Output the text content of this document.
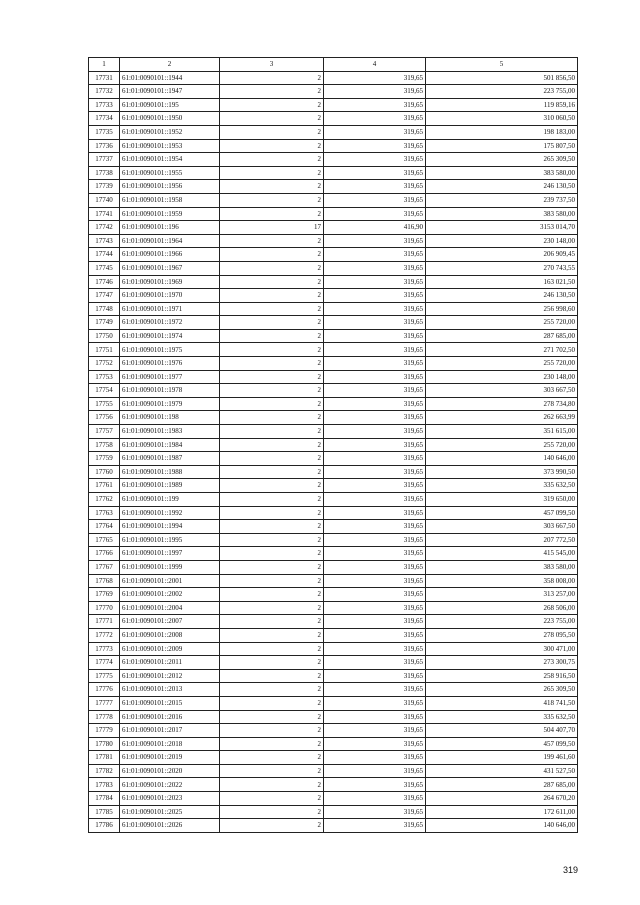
1	2	3	4	5
17731	61:01:0090101::1944	2	319,65	501 856,50
17732	61:01:0090101::1947	2	319,65	223 755,00
17733	61:01:0090101::195	2	319,65	119 859,16
17734	61:01:0090101::1950	2	319,65	310 060,50
17735	61:01:0090101::1952	2	319,65	198 183,00
17736	61:01:0090101::1953	2	319,65	175 807,50
17737	61:01:0090101::1954	2	319,65	265 309,50
17738	61:01:0090101::1955	2	319,65	383 580,00
17739	61:01:0090101::1956	2	319,65	246 130,50
17740	61:01:0090101::1958	2	319,65	239 737,50
17741	61:01:0090101::1959	2	319,65	383 580,00
17742	61:01:0090101::196	17	416,90	3153 014,70
17743	61:01:0090101::1964	2	319,65	230 148,00
17744	61:01:0090101::1966	2	319,65	206 909,45
17745	61:01:0090101::1967	2	319,65	270 743,55
17746	61:01:0090101::1969	2	319,65	163 021,50
17747	61:01:0090101::1970	2	319,65	246 130,50
17748	61:01:0090101::1971	2	319,65	256 998,60
17749	61:01:0090101::1972	2	319,65	255 720,00
17750	61:01:0090101::1974	2	319,65	287 685,00
17751	61:01:0090101::1975	2	319,65	271 702,50
17752	61:01:0090101::1976	2	319,65	255 720,00
17753	61:01:0090101::1977	2	319,65	230 148,00
17754	61:01:0090101::1978	2	319,65	303 667,50
17755	61:01:0090101::1979	2	319,65	278 734,80
17756	61:01:0090101::198	2	319,65	262 663,99
17757	61:01:0090101::1983	2	319,65	351 615,00
17758	61:01:0090101::1984	2	319,65	255 720,00
17759	61:01:0090101::1987	2	319,65	140 646,00
17760	61:01:0090101::1988	2	319,65	373 990,50
17761	61:01:0090101::1989	2	319,65	335 632,50
17762	61:01:0090101::199	2	319,65	319 650,00
17763	61:01:0090101::1992	2	319,65	457 099,50
17764	61:01:0090101::1994	2	319,65	303 667,50
17765	61:01:0090101::1995	2	319,65	207 772,50
17766	61:01:0090101::1997	2	319,65	415 545,00
17767	61:01:0090101::1999	2	319,65	383 580,00
17768	61:01:0090101::2001	2	319,65	358 008,00
17769	61:01:0090101::2002	2	319,65	313 257,00
17770	61:01:0090101::2004	2	319,65	268 506,00
17771	61:01:0090101::2007	2	319,65	223 755,00
17772	61:01:0090101::2008	2	319,65	278 095,50
17773	61:01:0090101::2009	2	319,65	300 471,00
17774	61:01:0090101::2011	2	319,65	273 300,75
17775	61:01:0090101::2012	2	319,65	258 916,50
17776	61:01:0090101::2013	2	319,65	265 309,50
17777	61:01:0090101::2015	2	319,65	418 741,50
17778	61:01:0090101::2016	2	319,65	335 632,50
17779	61:01:0090101::2017	2	319,65	504 407,70
17780	61:01:0090101::2018	2	319,65	457 099,50
17781	61:01:0090101::2019	2	319,65	199 461,60
17782	61:01:0090101::2020	2	319,65	431 527,50
17783	61:01:0090101::2022	2	319,65	287 685,00
17784	61:01:0090101::2023	2	319,65	264 670,20
17785	61:01:0090101::2025	2	319,65	172 611,00
17786	61:01:0090101::2026	2	319,65	140 646,00
319
